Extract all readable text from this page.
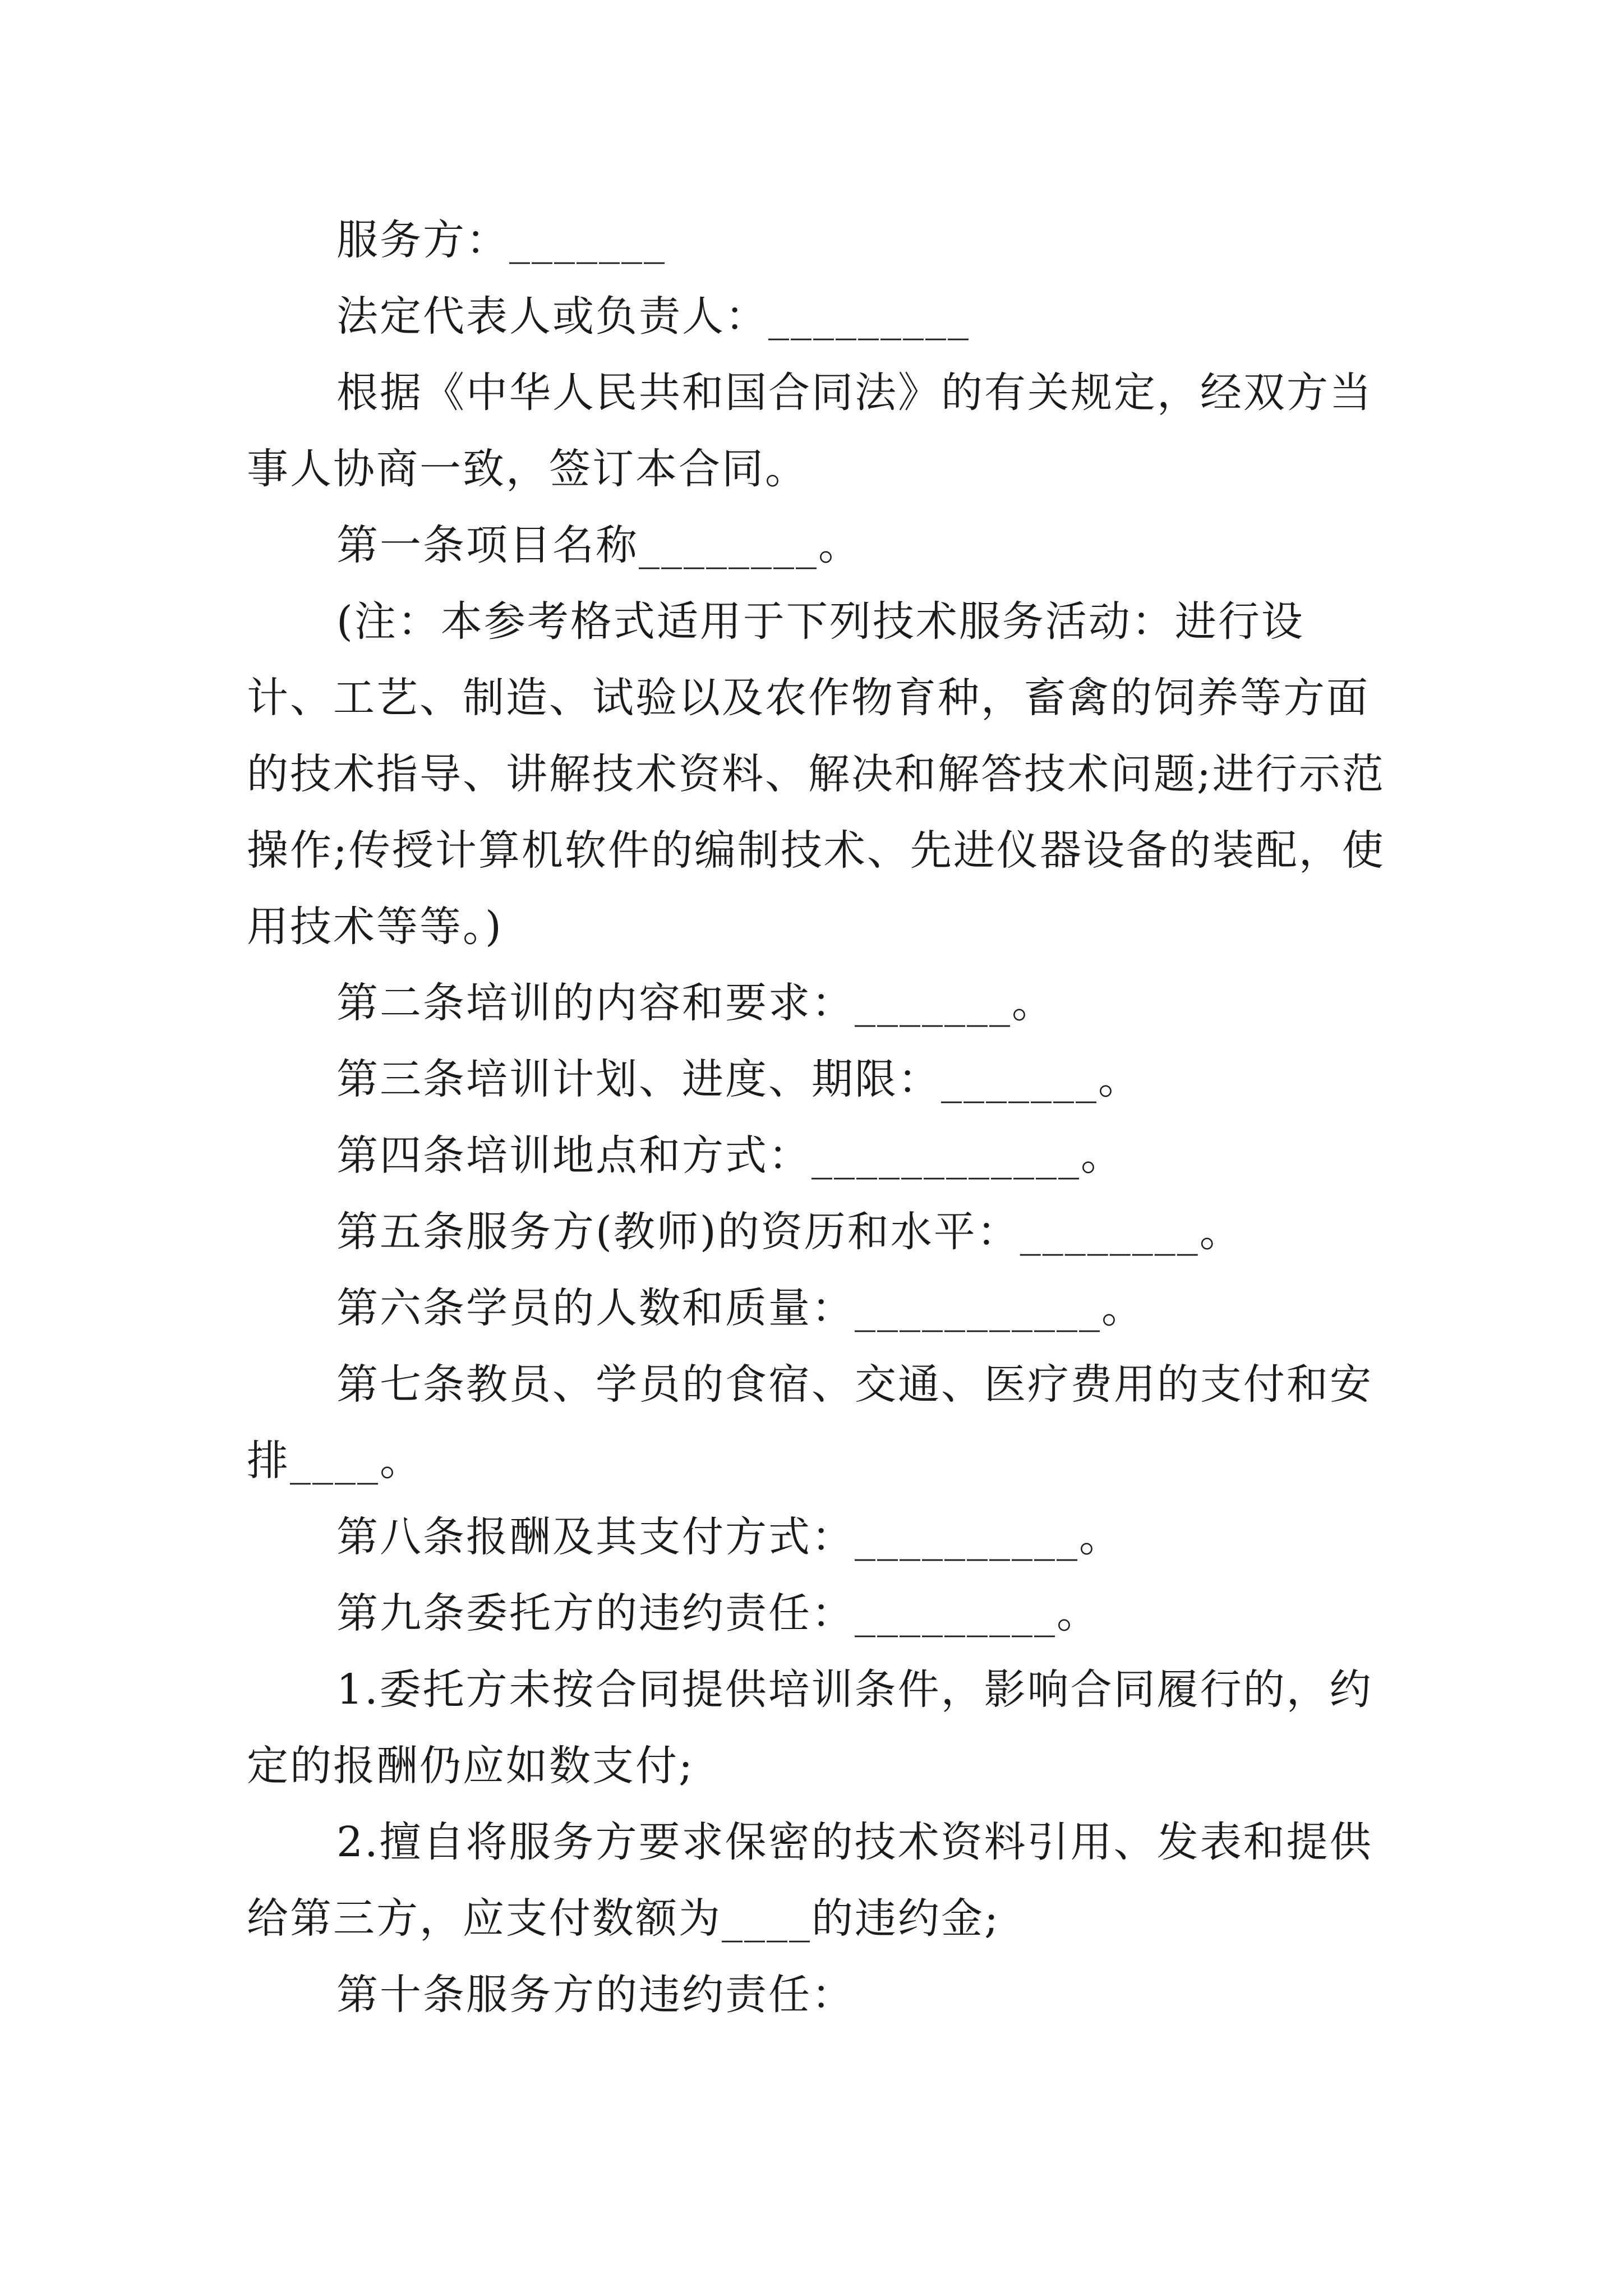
服务方：_______

法定代表人或负责人：_________

根据《中华人民共和国合同法》的有关规定，经双方当事人协商一致，签订本合同。

第一条项目名称________。

(注：本参考格式适用于下列技术服务活动：进行设计、工艺、制造、试验以及农作物育种，畜禽的饲养等方面的技术指导、讲解技术资料、解决和解答技术问题;进行示范操作;传授计算机软件的编制技术、先进仪器设备的装配，使用技术等等。)

第二条培训的内容和要求：_______。

第三条培训计划、进度、期限：_______。

第四条培训地点和方式：____________。

第五条服务方(教师)的资历和水平：________。

第六条学员的人数和质量：___________。

第七条教员、学员的食宿、交通、医疗费用的支付和安排____。

第八条报酬及其支付方式：__________。

第九条委托方的违约责任：_________。

1.委托方未按合同提供培训条件，影响合同履行的，约定的报酬仍应如数支付;

2.擅自将服务方要求保密的技术资料引用、发表和提供给第三方，应支付数额为____的违约金;

第十条服务方的违约责任：
